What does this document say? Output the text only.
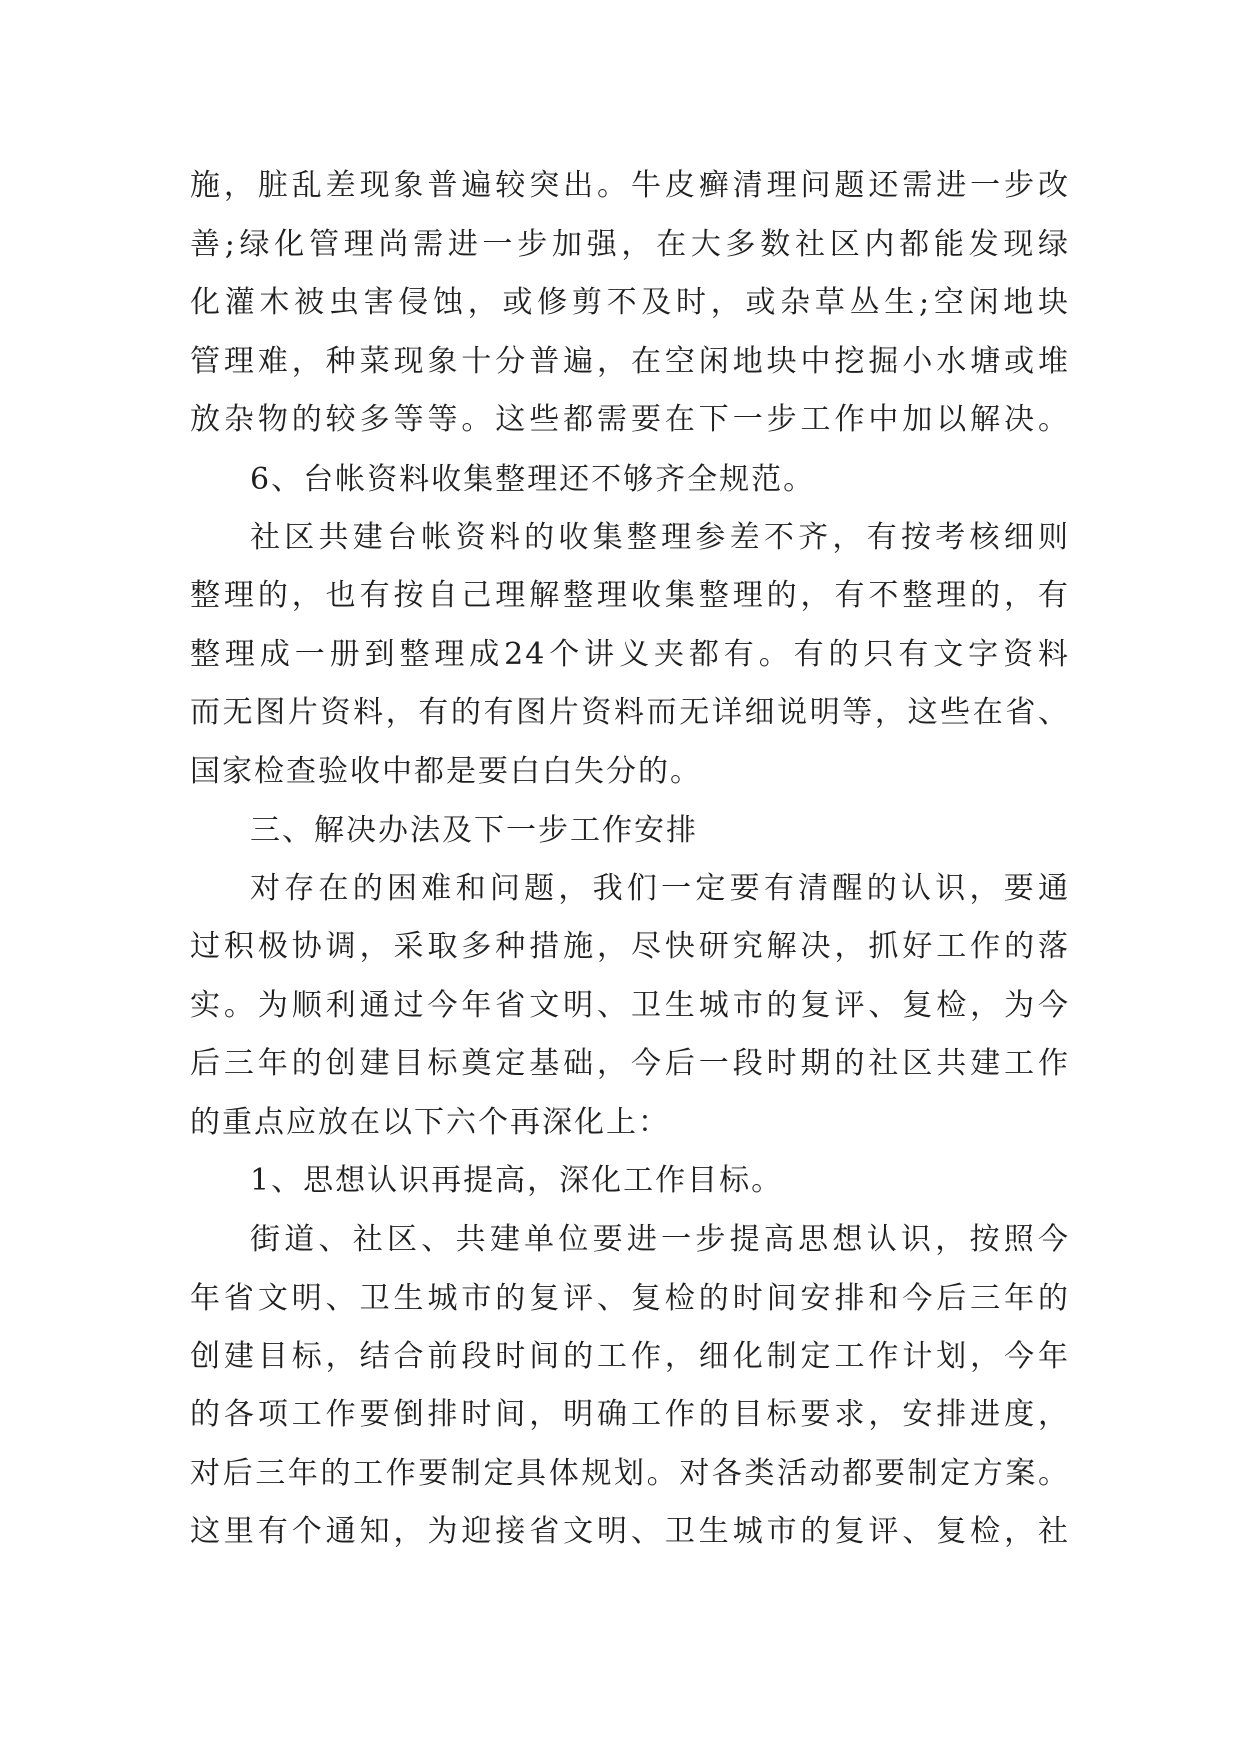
施，脏乱差现象普遍较突出。牛皮癣清理问题还需进一步改
善;绿化管理尚需进一步加强，在大多数社区内都能发现绿
化灌木被虫害侵蚀，或修剪不及时，或杂草丛生;空闲地块
管理难，种菜现象十分普遍，在空闲地块中挖掘小水塘或堆
放杂物的较多等等。这些都需要在下一步工作中加以解决。
6、台帐资料收集整理还不够齐全规范。
社区共建台帐资料的收集整理参差不齐，有按考核细则
整理的，也有按自己理解整理收集整理的，有不整理的，有
整理成一册到整理成24个讲义夹都有。有的只有文字资料
而无图片资料，有的有图片资料而无详细说明等，这些在省、
国家检查验收中都是要白白失分的。
三、解决办法及下一步工作安排
对存在的困难和问题，我们一定要有清醒的认识，要通
过积极协调，采取多种措施，尽快研究解决，抓好工作的落
实。为顺利通过今年省文明、卫生城市的复评、复检，为今
后三年的创建目标奠定基础，今后一段时期的社区共建工作
的重点应放在以下六个再深化上：
1、思想认识再提高，深化工作目标。
街道、社区、共建单位要进一步提高思想认识，按照今
年省文明、卫生城市的复评、复检的时间安排和今后三年的
创建目标，结合前段时间的工作，细化制定工作计划，今年
的各项工作要倒排时间，明确工作的目标要求，安排进度，
对后三年的工作要制定具体规划。对各类活动都要制定方案。
这里有个通知，为迎接省文明、卫生城市的复评、复检，社
